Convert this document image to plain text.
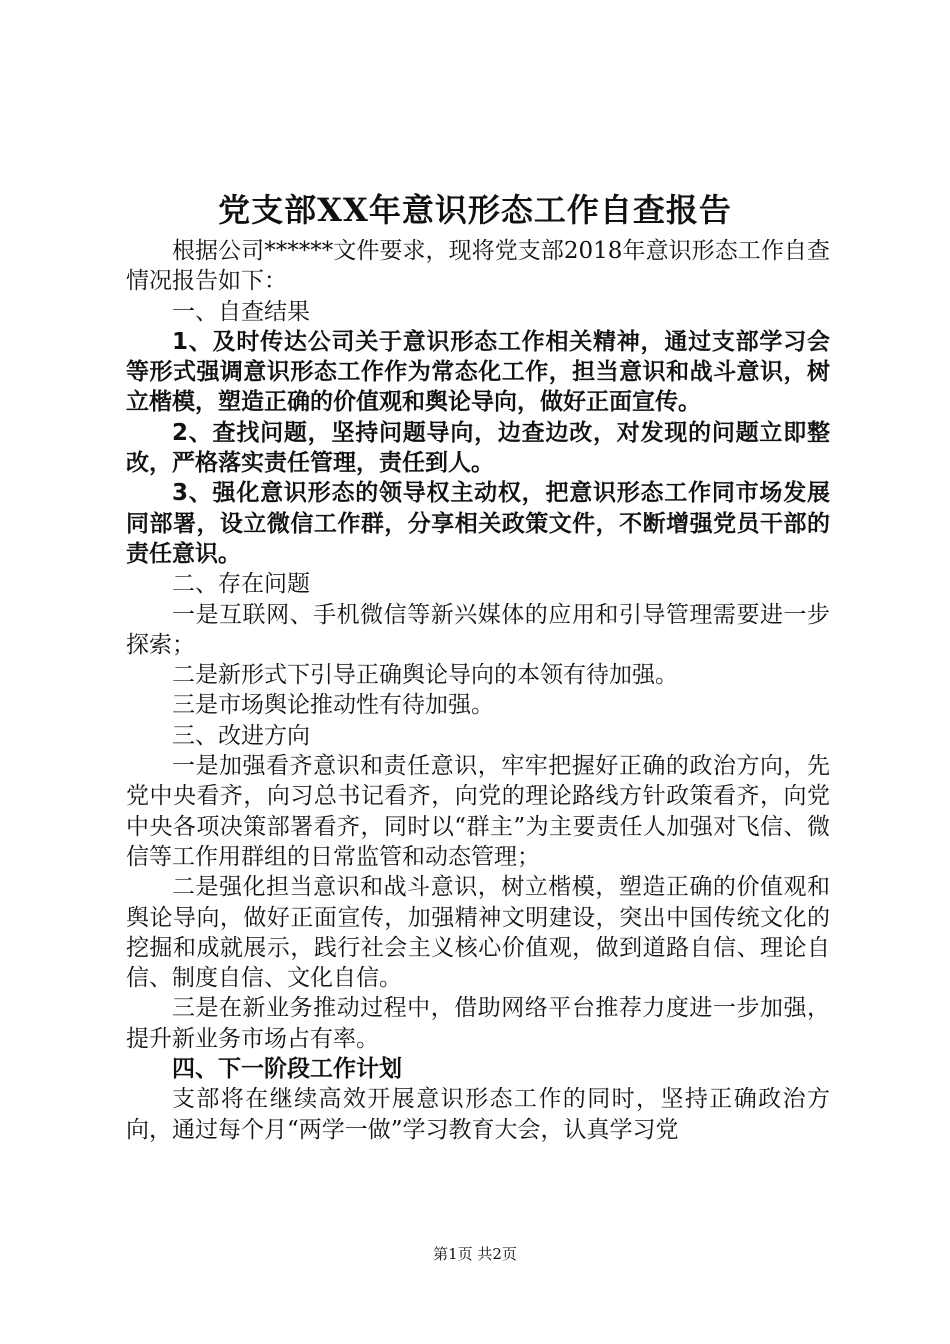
党支部XX年意识形态工作自查报告

根据公司******文件要求，现将党支部2018年意识形态工作自查情况报告如下：

一、自查结果

1、及时传达公司关于意识形态工作相关精神，通过支部学习会等形式强调意识形态工作作为常态化工作，担当意识和战斗意识，树立楷模，塑造正确的价值观和舆论导向，做好正面宣传。

2、查找问题，坚持问题导向，边查边改，对发现的问题立即整改，严格落实责任管理，责任到人。

3、强化意识形态的领导权主动权，把意识形态工作同市场发展同部署，设立微信工作群，分享相关政策文件，不断增强党员干部的责任意识。

二、存在问题

一是互联网、手机微信等新兴媒体的应用和引导管理需要进一步探索；

二是新形式下引导正确舆论导向的本领有待加强。

三是市场舆论推动性有待加强。

三、改进方向

一是加强看齐意识和责任意识，牢牢把握好正确的政治方向，先党中央看齐，向习总书记看齐，向党的理论路线方针政策看齐，向党中央各项决策部署看齐，同时以“群主”为主要责任人加强对飞信、微信等工作用群组的日常监管和动态管理；

二是强化担当意识和战斗意识，树立楷模，塑造正确的价值观和舆论导向，做好正面宣传，加强精神文明建设，突出中国传统文化的挖掘和成就展示，践行社会主义核心价值观，做到道路自信、理论自信、制度自信、文化自信。

三是在新业务推动过程中，借助网络平台推荐力度进一步加强，提升新业务市场占有率。

四、下一阶段工作计划

支部将在继续高效开展意识形态工作的同时，坚持正确政治方向，通过每个月“两学一做”学习教育大会，认真学习党

第1页 共2页
